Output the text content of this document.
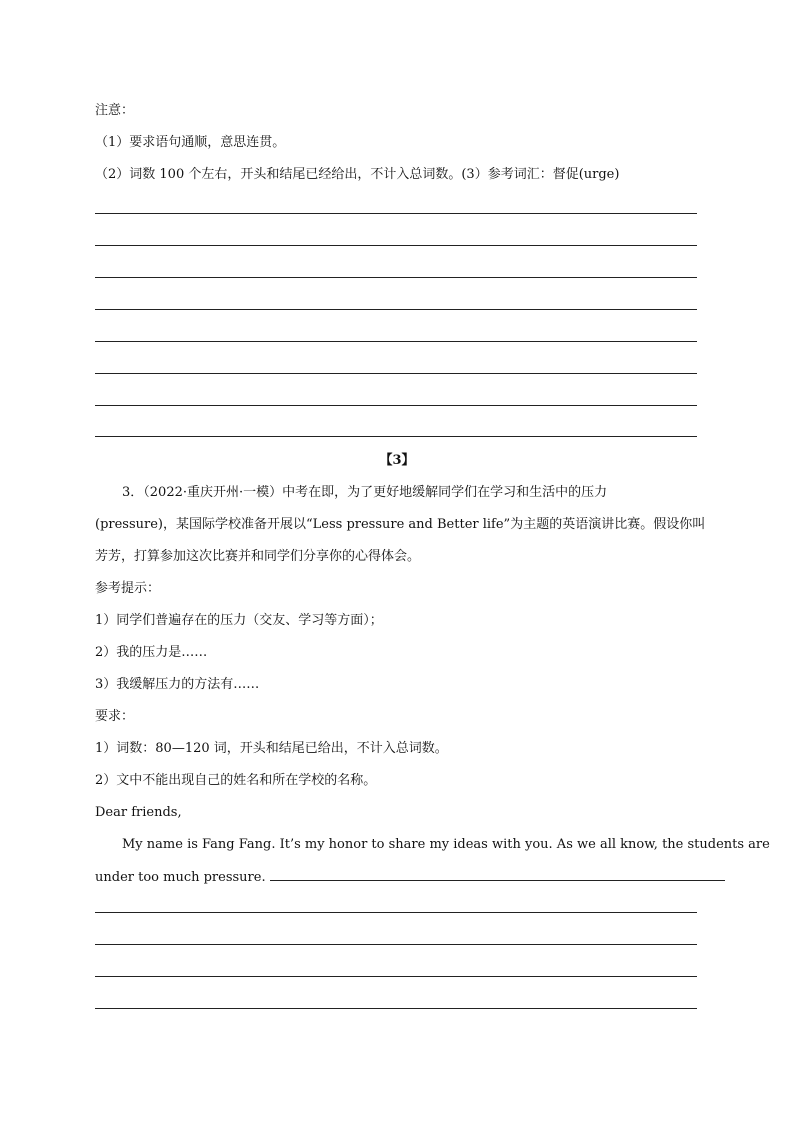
注意：
（1）要求语句通顺，意思连贯。
（2）词数 100 个左右，开头和结尾已经给出，不计入总词数。(3）参考词汇：督促(urge)
【3】
3．（2022·重庆开州·一模）中考在即，为了更好地缓解同学们在学习和生活中的压力
(pressure)，某国际学校准备开展以“Less pressure and Better life”为主题的英语演讲比赛。假设你叫
芳芳，打算参加这次比赛并和同学们分享你的心得体会。
参考提示：
1）同学们普遍存在的压力（交友、学习等方面）；
2）我的压力是……
3）我缓解压力的方法有……
要求：
1）词数：80—120 词，开头和结尾已给出，不计入总词数。
2）文中不能出现自己的姓名和所在学校的名称。
Dear friends,
My name is Fang Fang. It’s my honor to share my ideas with you. As we all know, the students are
under too much pressure.
